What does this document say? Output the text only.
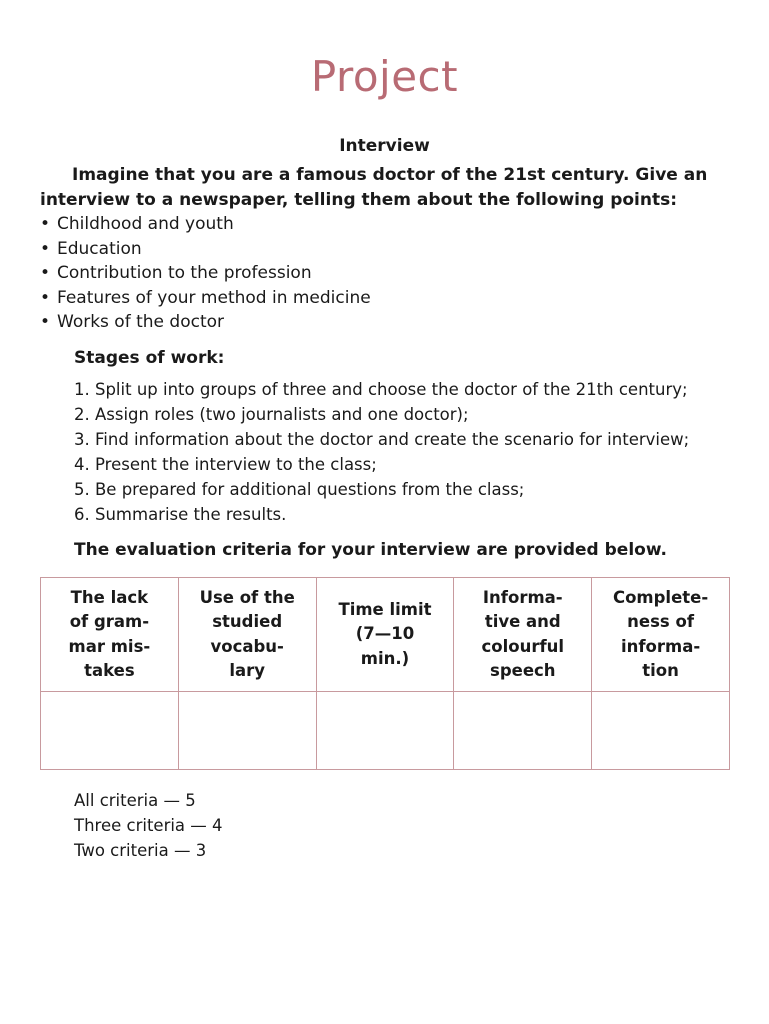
Project
Interview
Imagine that you are a famous doctor of the 21st century. Give an interview to a newspaper, telling them about the following points:
• Childhood and youth
• Education
• Contribution to the profession
• Features of your method in medicine
• Works of the doctor
Stages of work:
1. Split up into groups of three and choose the doctor of the 21th century;
2. Assign roles (two journalists and one doctor);
3. Find information about the doctor and create the scenario for interview;
4. Present the interview to the class;
5. Be prepared for additional questions from the class;
6. Summarise the results.
The evaluation criteria for your interview are provided below.
The lack
of gram-
mar mis-
takes	Use of the
studied
vocabu-
lary	Time limit
(7—10
min.)	Informa-
tive and
colourful
speech	Complete-
ness of
informa-
tion

All criteria — 5
Three criteria — 4
Two criteria — 3
